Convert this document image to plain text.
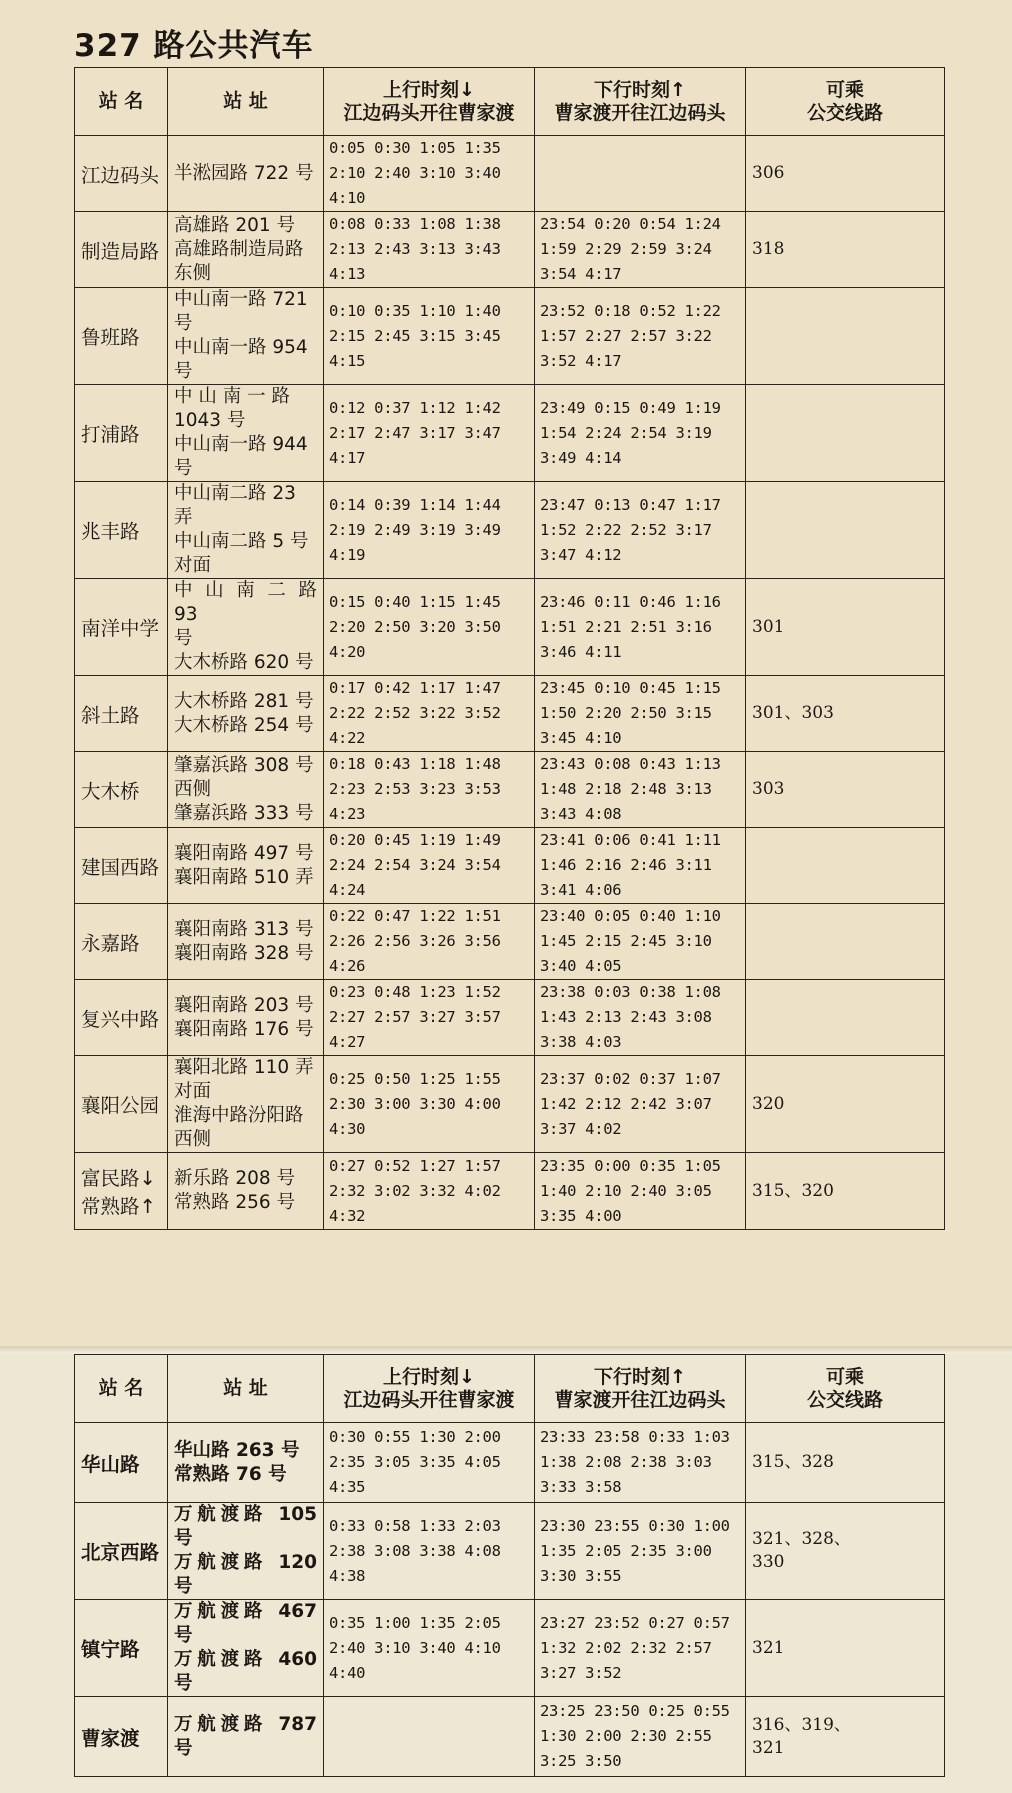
327 路公共汽车
站 名	站 址	上行时刻↓
江边码头开往曹家渡	下行时刻↑
曹家渡开往江边码头	可乘
公交线路
江边码头	半淞园路 722 号	0:05 0:30 1:05 1:35
2:10 2:40 3:10 3:40
4:10		306
制造局路	高雄路 201 号
高雄路制造局路
东侧	0:08 0:33 1:08 1:38
2:13 2:43 3:13 3:43
4:13	23:54 0:20 0:54 1:24
1:59 2:29 2:59 3:24
3:54 4:17	318
鲁班路	中山南一路 721
号
中山南一路 954
号	0:10 0:35 1:10 1:40
2:15 2:45 3:15 3:45
4:15	23:52 0:18 0:52 1:22
1:57 2:27 2:57 3:22
3:52 4:17	
打浦路	中 山 南 一 路
1043 号
中山南一路 944
号	0:12 0:37 1:12 1:42
2:17 2:47 3:17 3:47
4:17	23:49 0:15 0:49 1:19
1:54 2:24 2:54 3:19
3:49 4:14	
兆丰路	中山南二路 23
弄
中山南二路 5 号
对面	0:14 0:39 1:14 1:44
2:19 2:49 3:19 3:49
4:19	23:47 0:13 0:47 1:17
1:52 2:22 2:52 3:17
3:47 4:12	
南洋中学	中 山 南 二 路 93
号
大木桥路 620 号	0:15 0:40 1:15 1:45
2:20 2:50 3:20 3:50
4:20	23:46 0:11 0:46 1:16
1:51 2:21 2:51 3:16
3:46 4:11	301
斜土路	大木桥路 281 号
大木桥路 254 号	0:17 0:42 1:17 1:47
2:22 2:52 3:22 3:52
4:22	23:45 0:10 0:45 1:15
1:50 2:20 2:50 3:15
3:45 4:10	301、303
大木桥	肇嘉浜路 308 号
西侧
肇嘉浜路 333 号	0:18 0:43 1:18 1:48
2:23 2:53 3:23 3:53
4:23	23:43 0:08 0:43 1:13
1:48 2:18 2:48 3:13
3:43 4:08	303
建国西路	襄阳南路 497 号
襄阳南路 510 弄	0:20 0:45 1:19 1:49
2:24 2:54 3:24 3:54
4:24	23:41 0:06 0:41 1:11
1:46 2:16 2:46 3:11
3:41 4:06	
永嘉路	襄阳南路 313 号
襄阳南路 328 号	0:22 0:47 1:22 1:51
2:26 2:56 3:26 3:56
4:26	23:40 0:05 0:40 1:10
1:45 2:15 2:45 3:10
3:40 4:05	
复兴中路	襄阳南路 203 号
襄阳南路 176 号	0:23 0:48 1:23 1:52
2:27 2:57 3:27 3:57
4:27	23:38 0:03 0:38 1:08
1:43 2:13 2:43 3:08
3:38 4:03	
襄阳公园	襄阳北路 110 弄
对面
淮海中路汾阳路
西侧	0:25 0:50 1:25 1:55
2:30 3:00 3:30 4:00
4:30	23:37 0:02 0:37 1:07
1:42 2:12 2:42 3:07
3:37 4:02	320
富民路↓
常熟路↑	新乐路 208 号
常熟路 256 号	0:27 0:52 1:27 1:57
2:32 3:02 3:32 4:02
4:32	23:35 0:00 0:35 1:05
1:40 2:10 2:40 3:05
3:35 4:00	315、320
站 名	站 址	上行时刻↓
江边码头开往曹家渡	下行时刻↑
曹家渡开往江边码头	可乘
公交线路
华山路	华山路 263 号
常熟路 76 号	0:30 0:55 1:30 2:00
2:35 3:05 3:35 4:05
4:35	23:33 23:58 0:33 1:03
1:38 2:08 2:38 3:03
3:33 3:58	315、328
北京西路	万航渡路 105 号
万航渡路 120 号	0:33 0:58 1:33 2:03
2:38 3:08 3:38 4:08
4:38	23:30 23:55 0:30 1:00
1:35 2:05 2:35 3:00
3:30 3:55	321、328、
330
镇宁路	万航渡路 467 号
万航渡路 460 号	0:35 1:00 1:35 2:05
2:40 3:10 3:40 4:10
4:40	23:27 23:52 0:27 0:57
1:32 2:02 2:32 2:57
3:27 3:52	321
曹家渡	万航渡路 787 号		23:25 23:50 0:25 0:55
1:30 2:00 2:30 2:55
3:25 3:50	316、319、
321
